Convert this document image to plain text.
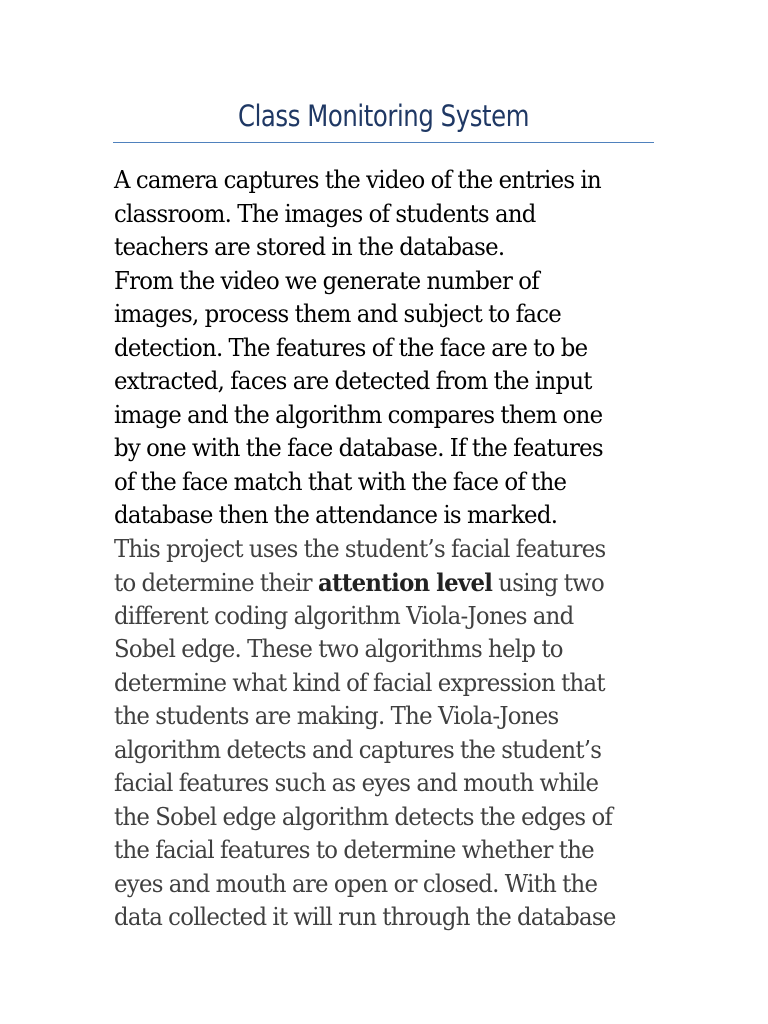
Class Monitoring System
A camera captures the video of the entries in
classroom. The images of students and
teachers are stored in the database.
From the video we generate number of
images, process them and subject to face
detection. The features of the face are to be
extracted, faces are detected from the input
image and the algorithm compares them one
by one with the face database. If the features
of the face match that with the face of the
database then the attendance is marked.
This project uses the student’s facial features
to determine their attention level using two
different coding algorithm Viola-Jones and
Sobel edge. These two algorithms help to
determine what kind of facial expression that
the students are making. The Viola-Jones
algorithm detects and captures the student’s
facial features such as eyes and mouth while
the Sobel edge algorithm detects the edges of
the facial features to determine whether the
eyes and mouth are open or closed. With the
data collected it will run through the database
